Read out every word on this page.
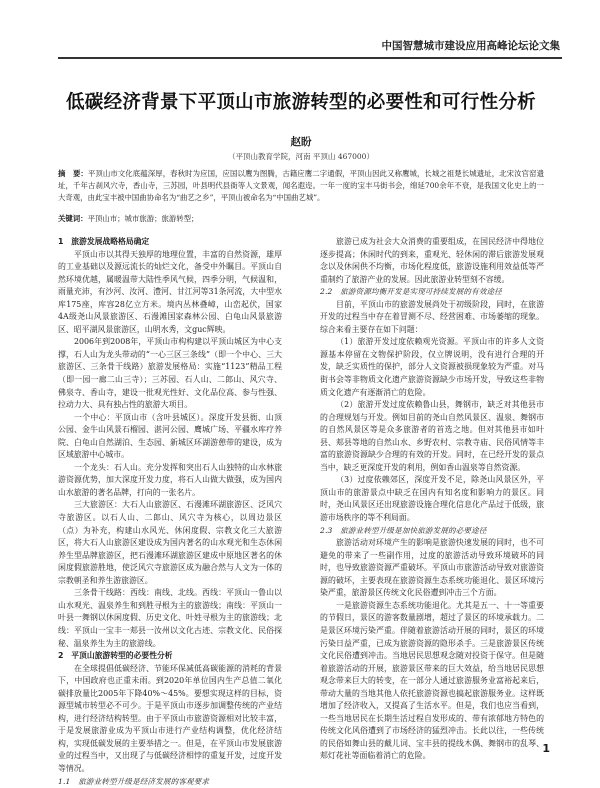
中国智慧城市建设应用高峰论坛论文集
低碳经济背景下平顶山市旅游转型的必要性和可行性分析
赵盼
（平顶山教育学院，河南 平顶山 467000）
摘　要：平顶山市文化底蕴深厚，春秋时为应国，应国以鹰为图腾，古籍应鹰二字通假，平顶山因此又称鹰城，长城之祖楚长城遗址，北宋汝官窑遗址，千年古刹风穴寺，香山寺，三苏园，叶县明代县衙等人文景观，闻名遐迩。一年一度的宝丰马街书会，绵延700余年不衰，是我国文化史上的一大奇观，由此宝丰被中国曲协命名为“曲艺之乡”，平顶山被命名为“中国曲艺城”。
关键词：平顶山市；城市旅游；旅游转型；
1　旅游发展战略格局确定

平顶山市以其得天独厚的地理位置，丰富的自然资源，雄厚的工业基础以及源远流长的灿烂文化，备受中外瞩目。平顶山自然环境优越，属暖温带大陆性季风气候，四季分明，气候温和，雨量充沛，有沙河、汝河、澧河、甘江河等31条河流，大中型水库175座，库容28亿立方米。境内丛林叠嶂，山峦起伏，国家4A级尧山风景旅游区、石漫滩国家森林公园、白龟山风景旅游区、昭平湖风景旅游区，山明水秀，文guc辉映。

2006年到2008年，平顶山市构构建以平顶山城区为中心支撑，石人山为龙头带动的“一心三区三条线”（即一个中心、三大旅游区、三条骨干线路）旅游发展格局：实施“1123”精品工程（即一园一廊二山三寺）；三苏园、石人山、二郎山、风穴寺、佛泉寺、香山寺，建设一批观光性好、文化品位高、参与性强、拉动力大、具有独占性的旅游大项目。

一个中心：平顶山市（含叶县城区）。深度开发县衙、山顶公园、金牛山风景石榴园、湛河公园、鹰城广场、平疆水库疗养院、白龟山自然湖泊、生态园、新城区环湖游憩带的建设，成为区域旅游中心城市。

一个龙头：石人山。充分发挥和突出石人山独特的山水林旅游资源优势，加大深度开发力度，将石人山做大做强，成为国内山水旅游的著名品牌，打向的一张名片。

三大旅游区：大石人山旅游区、石漫滩环湖旅游区、泛风穴寺旅游区。以石人山、二郎山、风穴寺为核心，以周边景区（点）为补充，构建山水风光、休闲度假、宗教文化三大旅游区，将大石人山旅游区建设成为国内著名的山水观光和生态休闲养生型品牌旅游区，把石漫滩环湖旅游区建成中原地区著名的休闲度假旅游胜地，使泛风穴寺旅游区成为融合然与人文为一体的宗教朝圣和养生游旅游区。

三条骨干线路：西线：南线、北线。西线：平顶山一鲁山以山水观光、温泉养生和到胜寻根为主的旅游线；南线：平顶山一叶县一舞钢以休闲度假、历史文化、叶姓寻根为主的旅游线；北线：平顶山一宝丰一郏县一汝州以文化古迹、宗教文化、民俗探秘、温泉养生为主的旅游线。

2　平顶山旅游转型的必要性分析

在全球提倡低碳经济、节能环保减低高碳能源的消耗的背景下，中国政府也正重未雨。到2020年单位国内生产总值二氧化碳排放量比2005年下降40%～45%。要想实现这样的目标，资源型城市转型必不可少。于是平顶山市逐步加调整传统的产业结构，进行经济结构转型。由于平顶山市旅游资源相对比较丰富，于是发展旅游业成为平顶山市进行产业结构调整，优化经济结构，实现低碳发展的主要举措之一。但是，在平顶山市发展旅游业的过程当中，又出现了与低碳经济相悖的重复开发，过度开发等情况。

1.1　旅游业转型升级是经济发展的客观要求

旅游已成为社会大众消费的重要组成，在国民经济中得地位逐步提高；休闲时代的到来，重观光、轻休闲的滞后旅游发展观念以及休闲供不均衡，市场化程度低，旅游设施利用效益低等严重制约了旅游产业的发展。因此旅游业转型刻不容缓。

2.2　旅游资源均衡开发是实现可持续发展的有效途径

目前，平顶山市的旅游发展尚处于初级阶段，同时，在旅游开发的过程当中存在着冒测不尽、经营困难、市场萎缩的现象。综合来看主要存在如下问题：

（1）旅游开发过度依赖观光资源。平顶山市的许多人文资源基本停留在文物保护阶段，仅立牌说明，没有进行合理的开发，缺乏实质性的保护，部分人文资源被损现象较为严重。对马街书会等非物质文化遗产旅游资源缺少市场开发，导致这些非物质文化遗产有逐渐消亡的危险。

（2）旅游开发过度依赖鲁山县，舞钢市，缺乏对其他县市的合理规划与开发。例如目前的尧山自然风景区、温泉、舞钢市的自然风景区等是众多旅游者的首选之地。但对其他县市如叶县、郏县等地的自然山水、乡野农村、宗教寺庙、民俗风情等丰富的旅游资源缺少合理的有效的开发。同时，在已经开发的景点当中，缺乏更深度开发的利用，例如香山温泉等自然资源。

（3）过度依赖郊区，深度开发不足，除尧山风景区外，平顶山市的旅游景点中缺乏在国内有知名度和影响力的景区。同时，尧山风景区还出现旅游设施合理化信息化产品过于低级，旅游市场秩序的等不利局面。

2.3　旅游业转型升级是加快旅游发展的必要途径

旅游活动对环境产生的影响是旅游快速发展的同时，也不可避免的带来了一些副作用，过度的旅游活动导致环境破坏的同时，也导致旅游资源严重破坏。平顶山市旅游活动导致对旅游资源的破坏，主要表现在旅游资源生态系统功能退化、景区环境污染严重，旅游景区传统文化民俗遭到冲击三个方面。

一是旅游资源生态系统功能退化。尤其是五一、十一等重要的节假日，景区的游客数量剧增，超过了景区的环境承载力。二是景区环境污染严重。伴随着旅游活动开展的同时，景区的环境污染日益严重，已成为旅游资源的隐形杀手。三是旅游景区传统文化民俗遭到冲击。当地居民思想观念随对投资于保守。但是随着旅游活动的开展，旅游景区带来的巨大效益，给当地居民思想观念带来巨大的转变，在一部分人通过旅游服务业富裕起来后，带动大量的当地其他人依托旅游资源也搞起旅游服务业。这样既增加了经济收入，又提高了生活水平。但是，我们也应当看到，一些当地居民在长期生活过程自发形成的、带有浓郁地方特色的传统文化风俗遭到了市场经济的猛烈冲击。长此以往，一些传统的民俗如舞山县的戴儿词、宝丰县的提线木偶、舞钢市的乱琴、郏灯花社等面临着消亡的危险。

1
